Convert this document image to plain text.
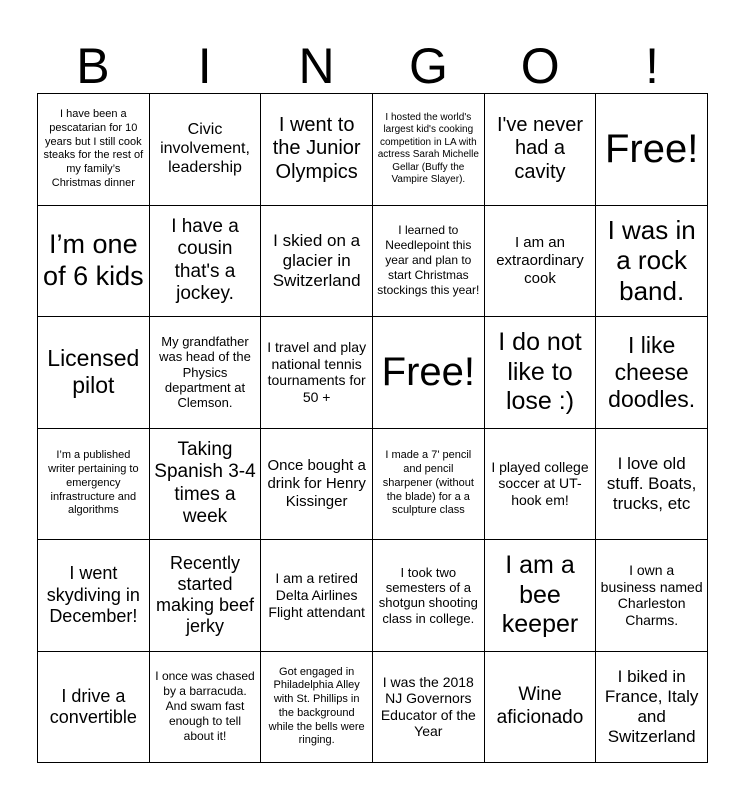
B	I	N	G	O	!
I have been a pescatarian for 10 years but I still cook steaks for the rest of my family’s Christmas dinner
Civic involvement, leadership
I went to the Junior Olympics
I hosted the world's largest kid's cooking competition in LA with actress Sarah Michelle Gellar (Buffy the Vampire Slayer).
I've never had a cavity
Free!
I’m one of 6 kids
I have a cousin that's a jockey.
I skied on a glacier in Switzerland
I learned to Needlepoint this year and plan to start Christmas stockings this year!
I am an extraordinary cook
I was in a rock band.
Licensed pilot
My grandfather was head of the Physics department at Clemson.
I travel and play national tennis tournaments for 50 +
Free!
I do not like to lose :)
I like cheese doodles.
I’m a published writer pertaining to emergency infrastructure and algorithms
Taking Spanish 3-4 times a week
Once bought a drink for Henry Kissinger
I made a 7' pencil and pencil sharpener (without the blade) for a a sculpture class
I played college soccer at UT- hook em!
I love old stuff. Boats, trucks, etc
I went skydiving in December!
Recently started making beef jerky
I am a retired Delta Airlines Flight attendant
I took two semesters of a shotgun shooting class in college.
I am a bee keeper
I own a business named Charleston Charms.
I drive a convertible
I once was chased by a barracuda. And swam fast enough to tell about it!
Got engaged in Philadelphia Alley with St. Phillips in the background while the bells were ringing.
I was the 2018 NJ Governors Educator of the Year
Wine aficionado
I biked in France, Italy and Switzerland
